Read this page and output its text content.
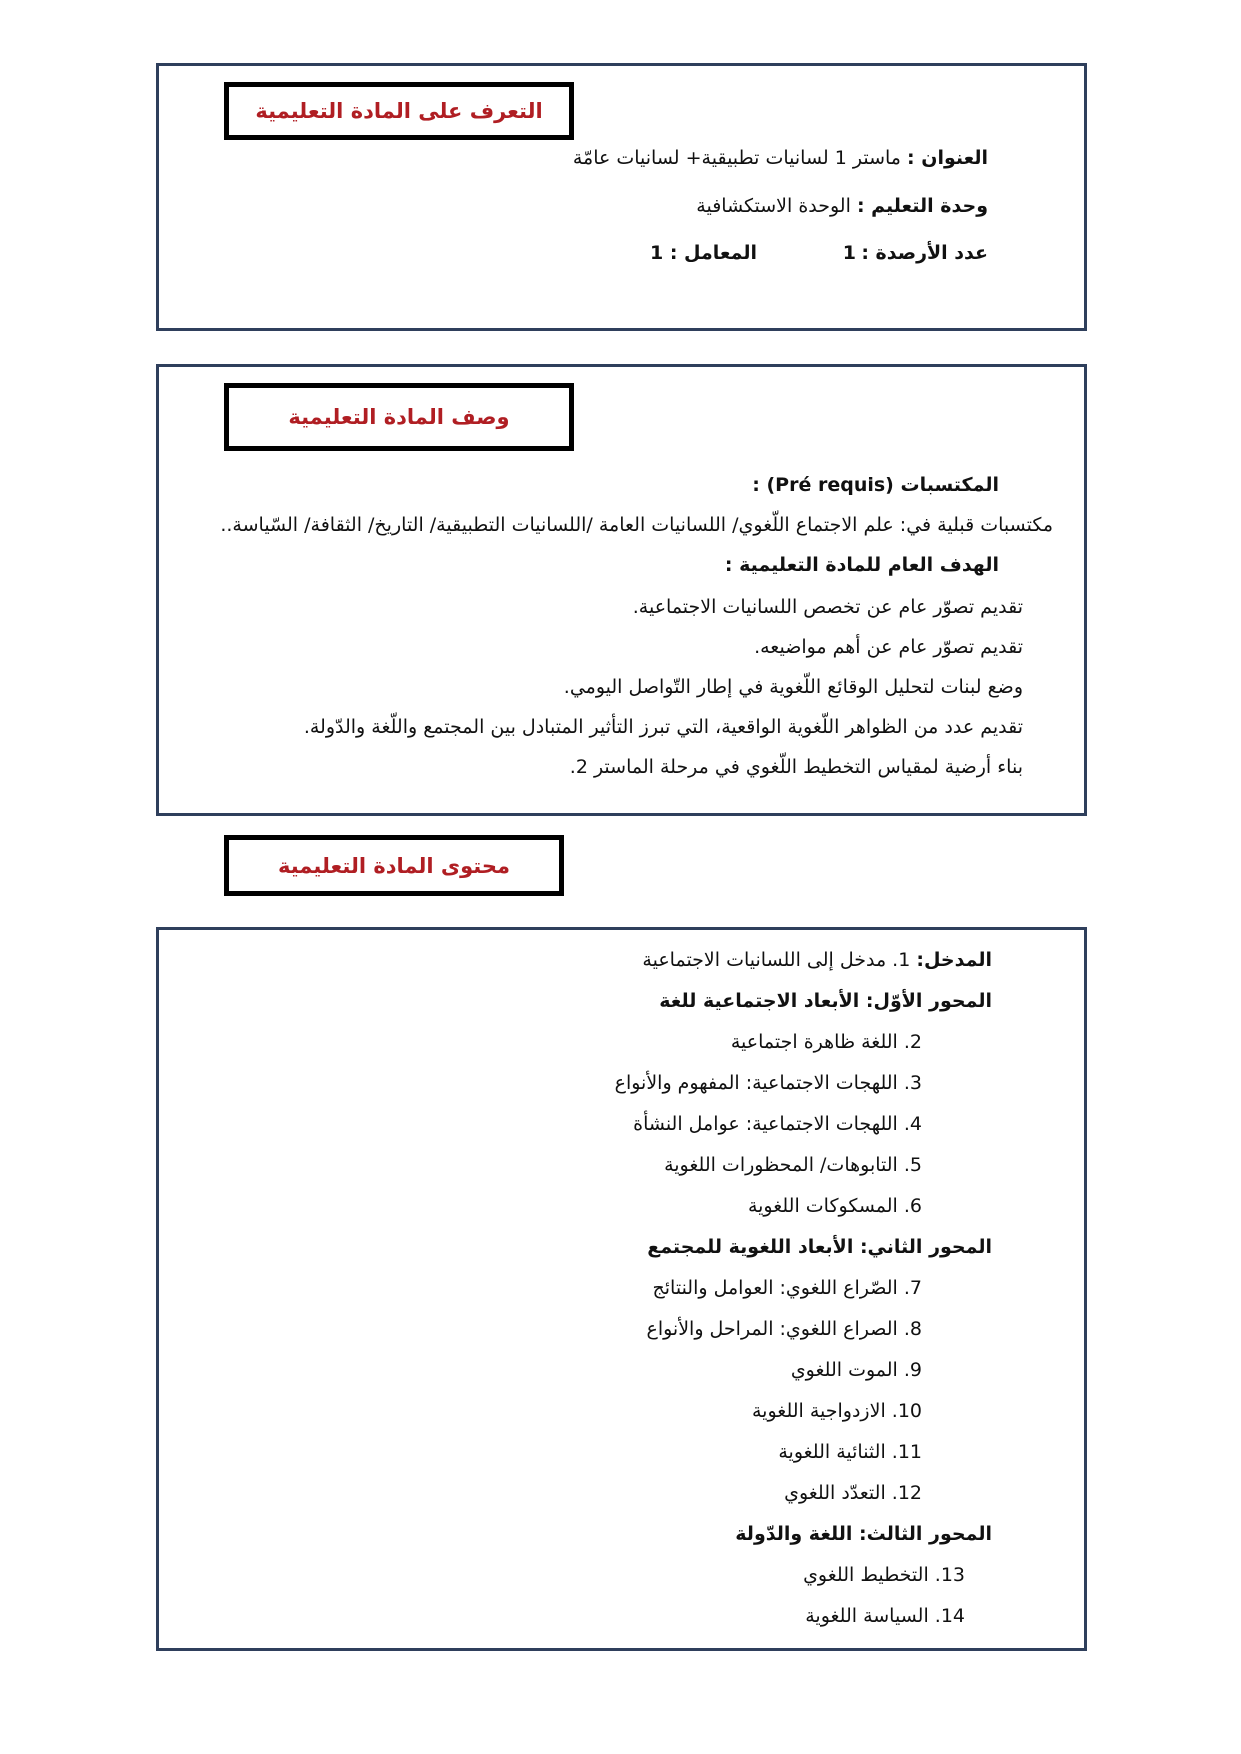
التعرف على المادة التعليمية
العنوان : ماستر 1 لسانيات تطبيقية+ لسانيات عامّة
وحدة التعليم : الوحدة الاستكشافية
عدد الأرصدة :
1
المعامل : 1
وصف المادة التعليمية
المكتسبات (Pré requis) :
مكتسبات قبلية في: علم الاجتماع اللّغوي/ اللسانيات العامة /اللسانيات التطبيقية/ التاريخ/ الثقافة/ السّياسة..
الهدف العام للمادة التعليمية :
تقديم تصوّر عام عن تخصص اللسانيات الاجتماعية.
تقديم تصوّر عام عن أهم مواضيعه.
وضع لبنات لتحليل الوقائع اللّغوية في إطار التّواصل اليومي.
تقديم عدد من الظواهر اللّغوية الواقعية، التي تبرز التأثير المتبادل بين المجتمع واللّغة والدّولة.
بناء أرضية لمقياس التخطيط اللّغوي في مرحلة الماستر 2.
محتوى المادة التعليمية
المدخل: 1. مدخل إلى اللسانيات الاجتماعية
المحور الأوّل: الأبعاد الاجتماعية للغة
2. اللغة ظاهرة اجتماعية
3. اللهجات الاجتماعية: المفهوم والأنواع
4. اللهجات الاجتماعية: عوامل النشأة
5. التابوهات/ المحظورات اللغوية
6. المسكوكات اللغوية
المحور الثاني: الأبعاد اللغوية للمجتمع
7. الصّراع اللغوي: العوامل والنتائج
8. الصراع اللغوي: المراحل والأنواع
9. الموت اللغوي
10. الازدواجية اللغوية
11. الثنائية اللغوية
12. التعدّد اللغوي
المحور الثالث: اللغة والدّولة
13. التخطيط اللغوي
14. السياسة اللغوية
